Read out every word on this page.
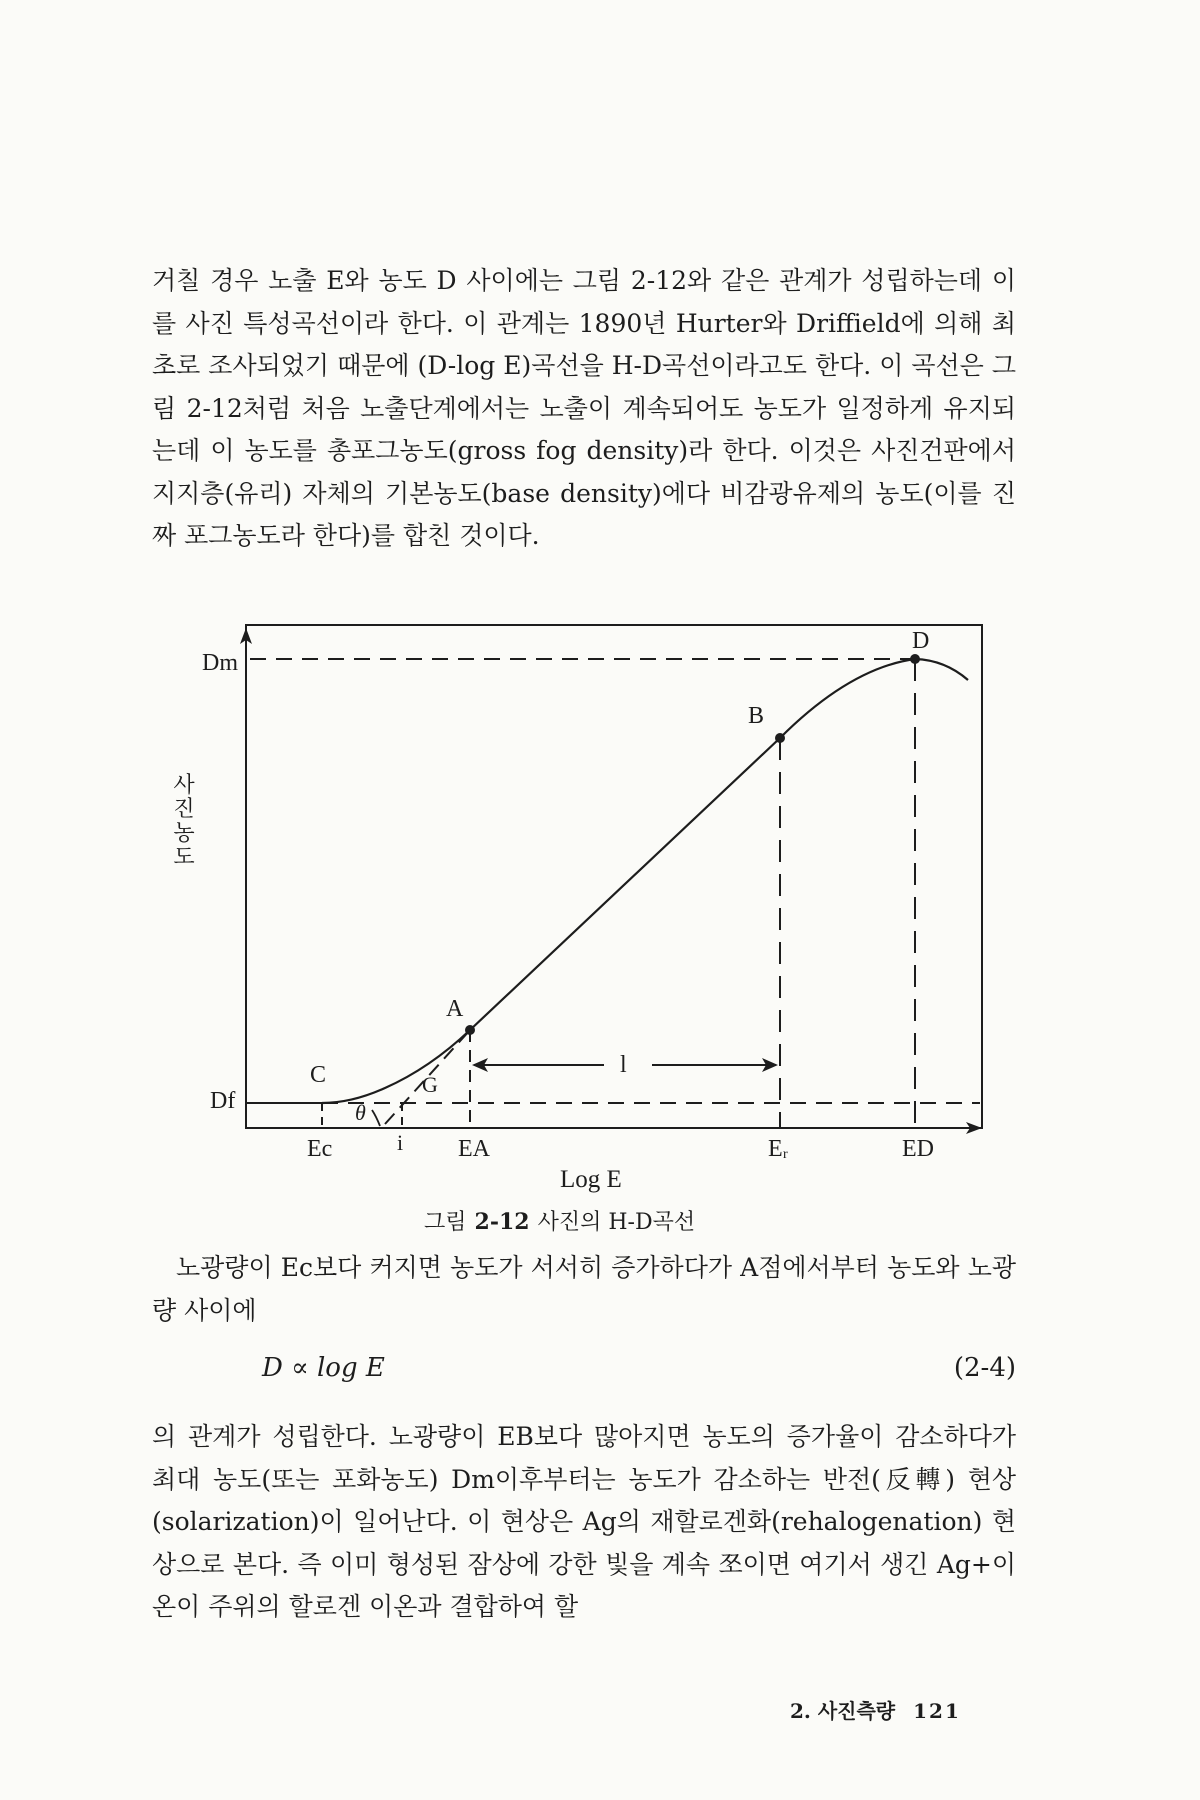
거칠 경우 노출 E와 농도 D 사이에는 그림 2-12와 같은 관계가 성립하는데 이를 사진 특성곡선이라 한다. 이 관계는 1890년 Hurter와 Driffield에 의해 최초로 조사되었기 때문에 (D-log E)곡선을 H-D곡선이라고도 한다. 이 곡선은 그림 2-12처럼 처음 노출단계에서는 노출이 계속되어도 농도가 일정하게 유지되는데 이 농도를 총포그농도(gross fog density)라 한다. 이것은 사진건판에서 지지층(유리) 자체의 기본농도(base density)에다 비감광유제의 농도(이를 진짜 포그농도라 한다)를 합친 것이다.

Dm
Df
Ec	i EA	Eᵣ	ED
C
A
G
B
D
θ
l
사진농도
Log E
그림 2-12 사진의 H-D곡선

노광량이 Ec보다 커지면 농도가 서서히 증가하다가 A점에서부터 농도와 노광량 사이에

D ∝ log E	(2-4)

의 관계가 성립한다. 노광량이 EB보다 많아지면 농도의 증가율이 감소하다가 최대 농도(또는 포화농도) Dm이후부터는 농도가 감소하는 반전(反轉) 현상(solarization)이 일어난다. 이 현상은 Ag의 재할로겐화(rehalogenation) 현상으로 본다. 즉 이미 형성된 잠상에 강한 빛을 계속 쪼이면 여기서 생긴 Ag+이온이 주위의 할로겐 이온과 결합하여 할

2. 사진측량 121
